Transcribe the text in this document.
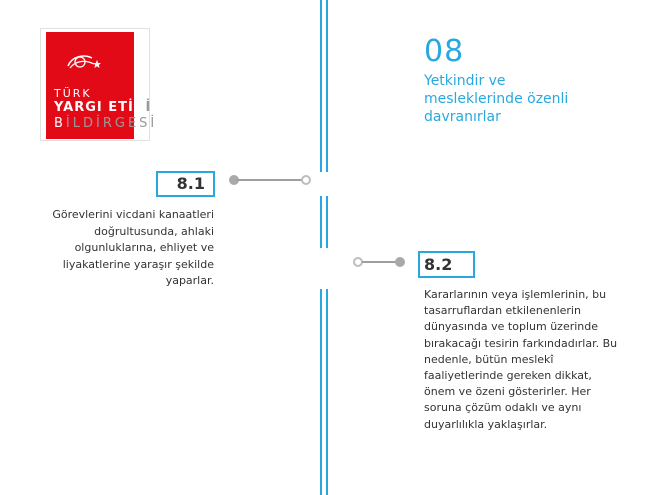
TÜRK
YARGI ETİĞİ
BİLDİRGESİ
08
Yetkindir ve mesleklerinde özenli davranırlar
8.1
Görevlerini vicdani kanaatleri doğrultusunda, ahlaki olgunluklarına, ehliyet ve liyakatlerine yaraşır şekilde yaparlar.
8.2
Kararlarının veya işlemlerinin, bu tasarruflardan etkilenenlerin dünyasında ve toplum üzerinde bırakacağı tesirin farkındadırlar. Bu nedenle, bütün meslekî faaliyetlerinde gereken dikkat, önem ve özeni gösterirler. Her soruna çözüm odaklı ve aynı duyarlılıkla yaklaşırlar.
